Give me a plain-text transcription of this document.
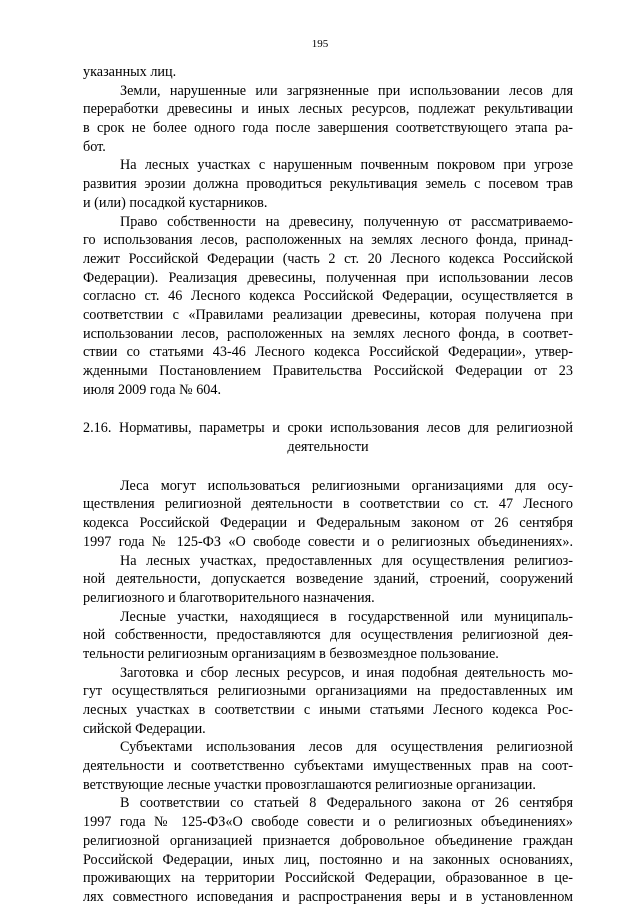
195
указанных лиц.
Земли, нарушенные или загрязненные при использовании лесов для
переработки древесины и иных лесных ресурсов, подлежат рекультивации
в срок не более одного года после завершения соответствующего этапа ра-
бот.
На лесных участках с нарушенным почвенным покровом при угрозе
развития эрозии должна проводиться рекультивация земель с посевом трав
и (или) посадкой кустарников.
Право собственности на древесину, полученную от рассматриваемо-
го использования лесов, расположенных на землях лесного фонда, принад-
лежит Российской Федерации (часть 2 ст. 20 Лесного кодекса Российской
Федерации). Реализация древесины, полученная при использовании лесов
согласно ст. 46 Лесного кодекса Российской Федерации, осуществляется в
соответствии с «Правилами реализации древесины, которая получена при
использовании лесов, расположенных на землях лесного фонда, в соответ-
ствии со статьями 43-46 Лесного кодекса Российской Федерации», утвер-
жденными Постановлением Правительства Российской Федерации от 23
июля 2009 года № 604.
2.16. Нормативы, параметры и сроки использования лесов для религиозной
деятельности
Леса могут использоваться религиозными организациями для осу-
ществления религиозной деятельности в соответствии со ст. 47 Лесного
кодекса Российской Федерации и Федеральным законом от 26 сентября
1997 года № 125-ФЗ «О свободе совести и о религиозных объединениях».
На лесных участках, предоставленных для осуществления религиоз-
ной деятельности, допускается возведение зданий, строений, сооружений
религиозного и благотворительного назначения.
Лесные участки, находящиеся в государственной или муниципаль-
ной собственности, предоставляются для осуществления религиозной дея-
тельности религиозным организациям в безвозмездное пользование.
Заготовка и сбор лесных ресурсов, и иная подобная деятельность мо-
гут осуществляться религиозными организациями на предоставленных им
лесных участках в соответствии с иными статьями Лесного кодекса Рос-
сийской Федерации.
Субъектами использования лесов для осуществления религиозной
деятельности и соответственно субъектами имущественных прав на соот-
ветствующие лесные участки провозглашаются религиозные организации.
В соответствии со статьей 8 Федерального закона от 26 сентября
1997 года № 125-ФЗ«О свободе совести и о религиозных объединениях»
религиозной организацией признается добровольное объединение граждан
Российской Федерации, иных лиц, постоянно и на законных основаниях,
проживающих на территории Российской Федерации, образованное в це-
лях совместного исповедания и распространения веры и в установленном
